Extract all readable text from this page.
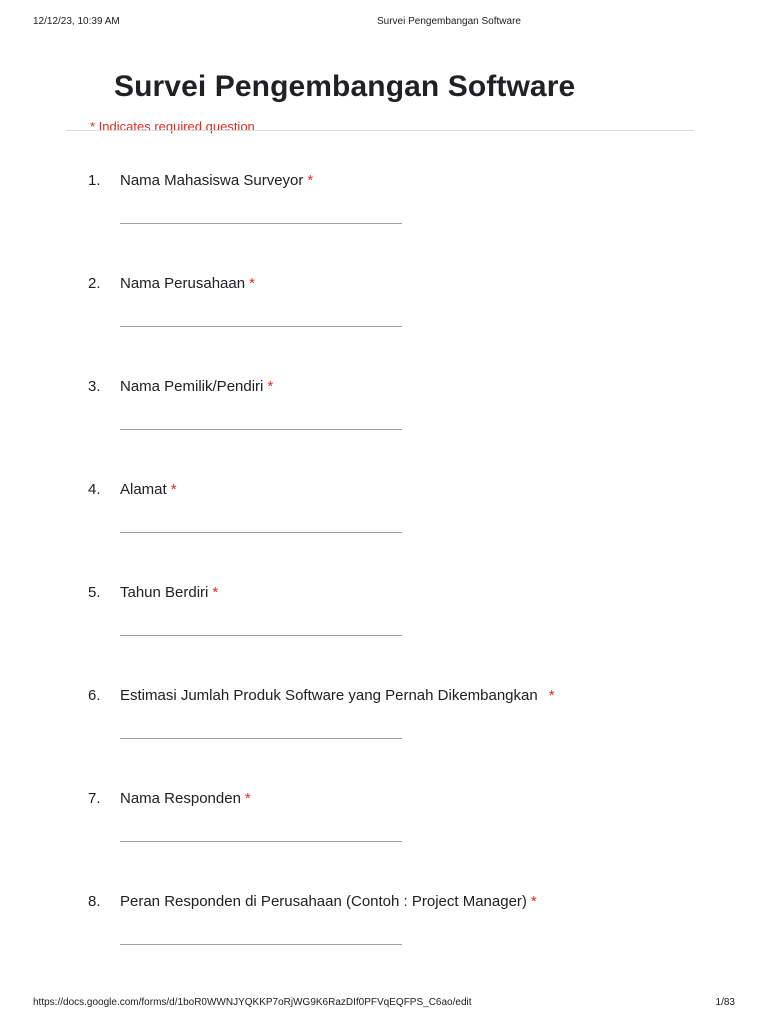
12/12/23, 10:39 AM	Survei Pengembangan Software
Survei Pengembangan Software
* Indicates required question
1. Nama Mahasiswa Surveyor *
2. Nama Perusahaan *
3. Nama Pemilik/Pendiri *
4. Alamat *
5. Tahun Berdiri *
6. Estimasi Jumlah Produk Software yang Pernah Dikembangkan *
7. Nama Responden *
8. Peran Responden di Perusahaan (Contoh : Project Manager) *
https://docs.google.com/forms/d/1boR0WWNJYQKKP7oRjWG9K6RazDIf0PFVqEQFPS_C6ao/edit	1/83
